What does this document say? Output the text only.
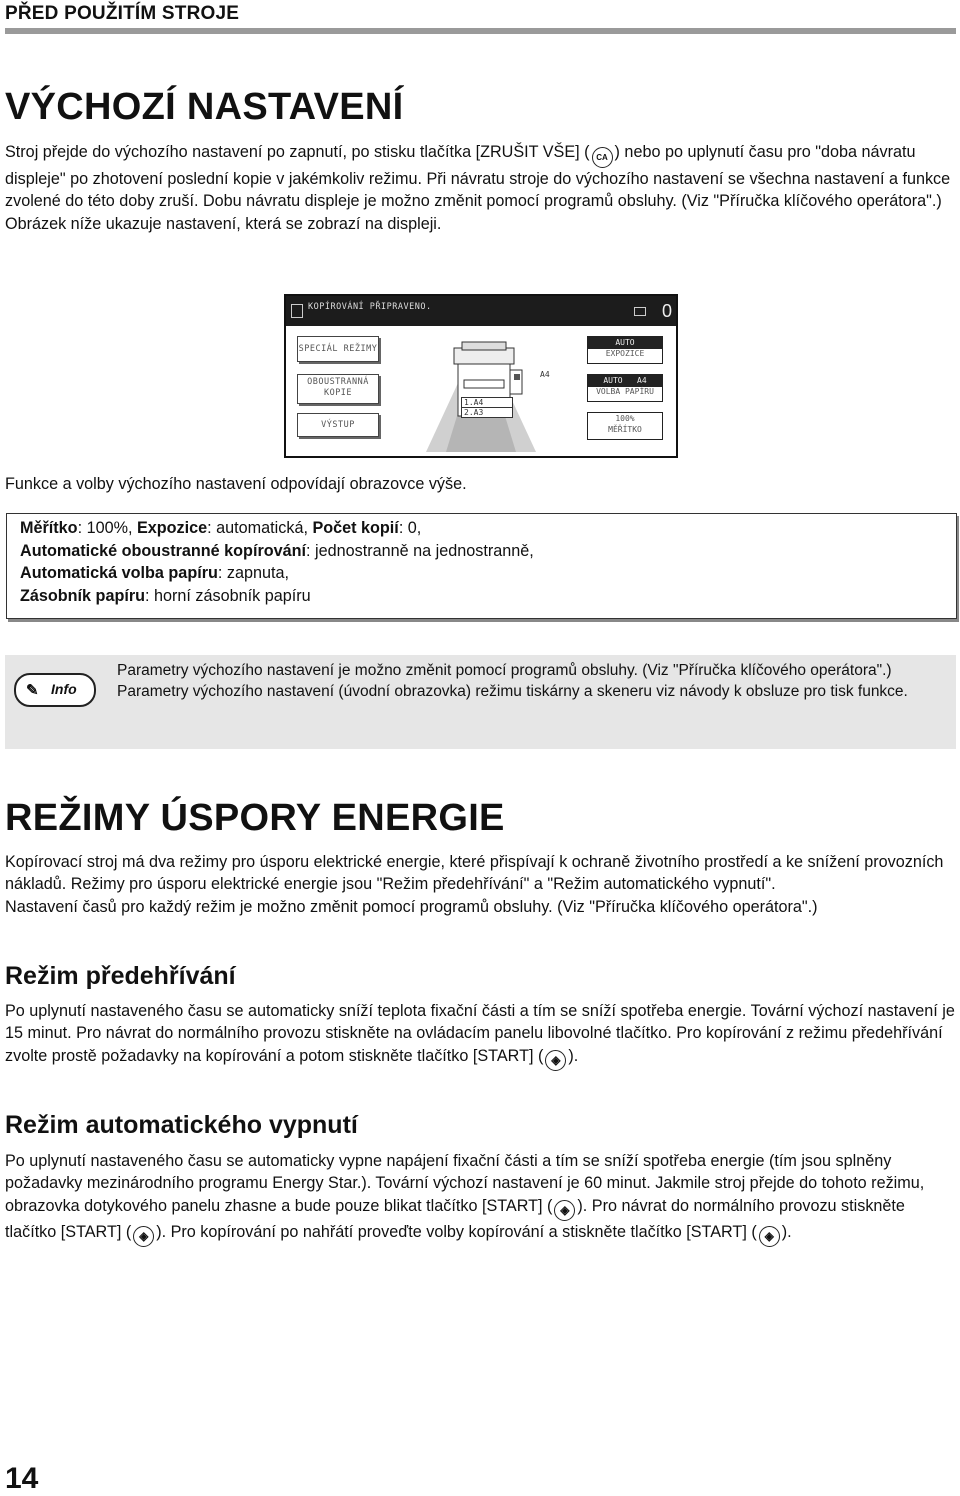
PŘED POUŽITÍM STROJE
VÝCHOZÍ NASTAVENÍ

Stroj přejde do výchozího nastavení po zapnutí, po stisku tlačítka [ZRUŠIT VŠE] ( CA ) nebo po uplynutí času pro "doba návratu displeje" po zhotovení poslední kopie v jakémkoliv režimu. Při návratu stroje do výchozího nastavení se všechna nastavení a funkce zvolené do této doby zruší. Dobu návratu displeje je možno změnit pomocí programů obsluhy. (Viz "Příručka klíčového operátora".)

Obrázek níže ukazuje nastavení, která se zobrazí na displeji.

KOPÍROVÁNÍ PŘIPRAVENO.	0
SPECIÁL REŽIMY
OBOUSTRANNÁ
KOPIE
VÝSTUP
1.A4
2.A3
A4
AUTO
EXPOZICE
AUTO A4
VOLBA PAPÍRU
100%
MĚŘÍTKO
Funkce a volby výchozího nastavení odpovídají obrazovce výše.

Měřítko: 100%, Expozice: automatická, Počet kopií: 0,

Automatické oboustranné kopírování: jednostranně na jednostranně,

Automatická volba papíru: zapnuta,

Zásobník papíru: horní zásobník papíru

✎ Info

Parametry výchozího nastavení je možno změnit pomocí programů obsluhy. (Viz "Příručka klíčového operátora".)

Parametry výchozího nastavení (úvodní obrazovka) režimu tiskárny a skeneru viz návody k obsluze pro tisk funkce.

REŽIMY ÚSPORY ENERGIE

Kopírovací stroj má dva režimy pro úsporu elektrické energie, které přispívají k ochraně životního prostředí a ke snížení provozních nákladů. Režimy pro úsporu elektrické energie jsou "Režim předehřívání" a "Režim automatického vypnutí".

Nastavení časů pro každý režim je možno změnit pomocí programů obsluhy. (Viz "Příručka klíčového operátora".)

Režim předehřívání

Po uplynutí nastaveného času se automaticky sníží teplota fixační části a tím se sníží spotřeba energie. Tovární výchozí nastavení je 15 minut. Pro návrat do normálního provozu stiskněte na ovládacím panelu libovolné tlačítko. Pro kopírování z režimu předehřívání zvolte prostě požadavky na kopírování a potom stiskněte tlačítko [START] ( ◈ ).

Režim automatického vypnutí

Po uplynutí nastaveného času se automaticky vypne napájení fixační části a tím se sníží spotřeba energie (tím jsou splněny požadavky mezinárodního programu Energy Star.). Tovární výchozí nastavení je 60 minut. Jakmile stroj přejde do tohoto režimu, obrazovka dotykového panelu zhasne a bude pouze blikat tlačítko [START] ( ◈ ). Pro návrat do normálního provozu stiskněte tlačítko [START] ( ◈ ). Pro kopírování po nahřátí proveďte volby kopírování a stiskněte tlačítko [START] ( ◈ ).

14
